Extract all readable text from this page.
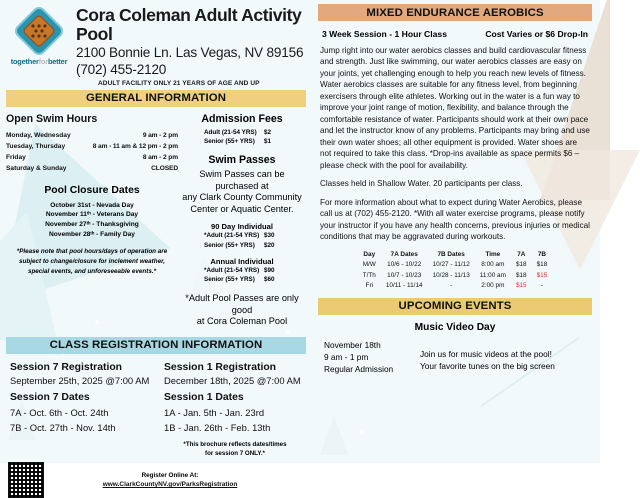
togetherforbetter
Cora Coleman Adult Activity Pool
2100 Bonnie Ln. Las Vegas, NV 89156
(702) 455-2120
ADULT FACILITY ONLY 21 YEARS OF AGE AND UP
GENERAL INFORMATION
Open Swim Hours
Monday, Wednesday	9 am - 2 pm
Tuesday, Thursday	8 am - 11 am & 12 pm - 2 pm
Friday	8 am - 2 pm
Saturday & Sunday	CLOSED
Pool Closure Dates
October 31st - Nevada Day
November 11ᵗʰ - Veterans Day
November 27ᵗʰ - Thanksgiving
November 28ᵗʰ - Family Day
*Please note that pool hours/days of operation are
subject to change/closure for inclement weather,
special events, and unforeseeable events.*
Admission Fees
Adult (21-54 YRS) $2
Senior (55+ YRS) $1
Swim Passes
Swim Passes can be purchased at
any Clark County Community
Center or Aquatic Center.
90 Day Individual
*Adult (21-54 YRS) $30
Senior (55+ YRS) $20
Annual Individual
*Adult (21-54 YRS) $90
Senior (55+ YRS) $60
*Adult Pool Passes are only good
at Cora Coleman Pool
CLASS REGISTRATION INFORMATION
Session 7 Registration
September 25th, 2025 @7:00 AM
Session 7 Dates
7A - Oct. 6th - Oct. 24th
7B - Oct. 27th - Nov. 14th
Session 1 Registration
December 18th, 2025 @7:00 AM
Session 1 Dates
1A - Jan. 5th - Jan. 23rd
1B - Jan. 26th - Feb. 13th
*This brochure reflects dates/times
for session 7 ONLY.*
Register Online At:
www.ClarkCountyNV.gov/ParksRegistration
MIXED ENDURANCE AEROBICS
3 Week Session - 1 Hour Class	Cost Varies or $6 Drop-In

Jump right into our water aerobics classes and build cardiovascular fitness and strength. Just like swimming, our water aerobics classes are easy on your joints, yet challenging enough to help you reach new levels of fitness. Water aerobics classes are suitable for any fitness level, from beginning exercisers through elite athletes. Working out in the water is a fun way to improve your joint range of motion, flexibility, and balance through the comfortable resistance of water. Participants should work at their own pace and let the instructor know of any problems. Participants may bring and use their own water shoes; all other equipment is provided. Water shoes are not required to take this class. *Drop-ins available as space permits $6 – please check with the pool for availability.

Classes held in Shallow Water. 20 participants per class.

For more information about what to expect during Water Aerobics, please call us at (702) 455-2120. *With all water exercise programs, please notify your instructor if you have any health concerns, previous injuries or medical conditions that may be aggravated during workouts.

Day	7A Dates	7B Dates	Time	7A	7B
M/W	10/6 - 10/22	10/27 - 11/12	8:00 am	$18	$18
T/Th	10/7 - 10/23	10/28 - 11/13	11:00 am	$18	$15
Fri	10/11 - 11/14	-	2:00 pm	$15	-
UPCOMING EVENTS
Music Video Day
November 18th
9 am - 1 pm
Regular Admission
Join us for music videos at the pool!
Your favorite tunes on the big screen
